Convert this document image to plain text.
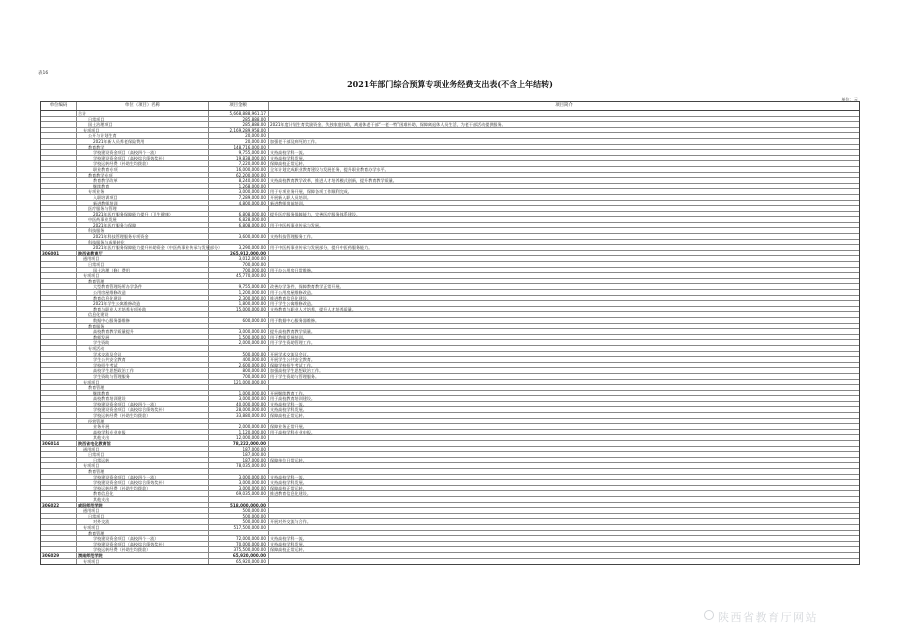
表16
2021年部门综合预算专项业务经费支出表(不含上年结转)
单位：元
单位编码	单位（项目）名称	项目金额	项目简介
合计	5,668,888,961.17
日常项目	285,888.00
国土治理项目	285,888.00 2021年度计划生育奖励资金，失独家庭扶助，离退休老干部“一老一特”困难补助，保障离退休人员生活，为老干部活动提供服务。
专项项目	2,169,289,958.00
公开与计划生育	20,000.00
2021年新人员养老保险费用	20,000.00 加强老干部及病死的工作。
教育教学	148,716,000.00
学校建设资金项目（高校四个一流）	9,755,000.00 支持高校学科一流。
学校建设资金项目（高校综合绩效奖补）	19,838,000.00 支持高校学科发展。
学校运转经费（补助生均拨款）	7,220,000.00 保障高校正常运转。
职业教育专项	16,000,000.00 全年计划完成职业教育建设与发展任务，提升职业教育办学水平。
教育教学专项	62,200,000.00
教育教学改革	8,240,000.00 支持高校教育教学改革，推进人才培养模式创新，提升教育教学质量。
继续教育	1,268,000.00
专项业务	3,000,000.00 用于专项业务开展，保障各项工作顺利完成。
入职培训项目	7,289,000.00 开展新入职人员培训。
新进教师培训	4,800,000.00 新进教师岗前培训。
医疗服务与管理
2021年医疗服务保障能力提升（卫生健康）	6,808,000.00 提升医疗服务保障能力，完善医疗服务体系建设。
中医药事业发展	6,828,000.00
2021年医疗服务与保障	6,808,000.00 用于中医药事业传承与发展。
科技服务
2021年科技管理服务专项资金	3,600,000.00 支持科技管理服务工作。
科技服务与成果转化
2021年医疗服务保障能力提升补助资金（中医药事业传承与发展部分）	3,290,000.00 用于中医药事业传承与发展部分，提升中医药服务能力。
306001	陕西省教育厅	265,912,000.00
通用项目	3,012,000.00
日常项目	700,000.00
国土治理（修）费用	700,000.00 用于办公用房日常维修。
专项项目	45,770,000.00
教育管理
大型教育管理场所办学条件	9,755,000.00 改善办学条件，保障教育教学正常开展。
公用房屋维修改造	1,200,000.00 用于公用房屋维修改造。
教育信息化建设	2,300,000.00 推进教育信息化建设。
2021年学生公寓维修改造	1,800,000.00 用于学生公寓维修改造。
教育与职业人才培养专项补助	15,000,000.00 支持教育与职业人才培养，提升人才培养质量。
信息化建设
数据中心服务器维修	600,000.00 用于数据中心服务器维修。
教育服务
高校教育教学质量提升	3,000,000.00 提升高校教育教学质量。
教师发展	1,500,000.00 用于教师发展培训。
学生资助	2,000,000.00 用于学生资助管理工作。
专项活动
学术交流及会议	500,000.00 开展学术交流及会议。
学生公共安全教育	400,000.00 开展学生公共安全教育。
学校招生考试	2,600,000.00 保障学校招生考试工作。
高校学生思想政治工作	800,000.00 加强高校学生思想政治工作。
学生资助与管理服务	700,000.00 用于学生资助与管理服务。
专项项目	121,000,000.00
教育管理
继续教育	1,000,000.00 开展继续教育工作。
高校教育培训建设	3,000,000.00 用于高校教育培训建设。
学校建设资金项目（高校四个一流）	40,000,000.00 支持高校学科一流。
学校建设资金项目（高校综合绩效奖补）	28,000,000.00 支持高校学科发展。
学校运转经费（补助生均拨款）	33,880,000.00 保障高校正常运转。
经营管理
业务开展	2,000,000.00 保障业务正常开展。
高校学科专业申报	1,120,000.00 用于高校学科专业申报。
其他支出	12,000,000.00
306014	陕西省电化教育馆	78,222,000.00
通用项目	187,000.00
日常项目	187,000.00
日常运转	187,000.00 保障单位日常运转。
专项项目	78,035,000.00
教育管理
学校建设资金项目（高校四个一流）	3,000,000.00 支持高校学科一流。
学校建设资金项目（高校综合绩效奖补）	3,000,000.00 支持高校学科发展。
学校运转经费（补助生均拨款）	3,000,000.00 保障高校正常运转。
教育信息化	69,035,000.00 推进教育信息化建设。
其他支出
306022	咸阳师范学院	518,000,000.00
通用项目	500,000.00
日常项目	500,000.00
对外交流	500,000.00 开展对外交流与合作。
专项项目	517,500,000.00
教育管理
学校建设资金项目（高校四个一流）	72,000,000.00 支持高校学科一流。
学校建设资金项目（高校综合绩效奖补）	70,000,000.00 支持高校学科发展。
学校运转经费（补助生均拨款）	375,500,000.00 保障高校正常运转。
306029	渭南师范学院	65,920,000.00
专项项目	65,920,000.00
陕西省教育厅网站
